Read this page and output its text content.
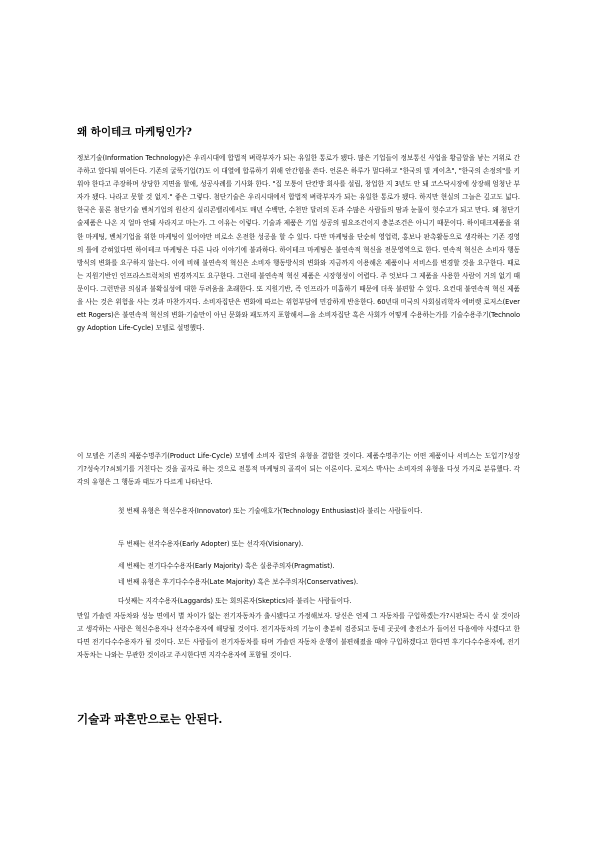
왜 하이테크 마케팅인가?

정보기술(Information Technology)은 우리시대에 합법적 벼락부자가 되는 유일한 통로가 됐다. 많은 기업들이 정보통신 사업을 황금알을 낳는 거위로 간주하고 앞다퉈 뛰어든다. 기존의 굴뚝기업(?)도 이 대열에 합류하기 위해 안간힘을 쓴다. 언론은 하루가 멀다하고 "한국의 빌 게이츠", "한국의 손정의"를 키워야 한다고 주장하며 상당한 지면을 할애, 성공사례를 기사화 한다. "집 모퉁이 단칸방 회사를 설립, 창업한 지 3년도 안 돼 코스닥시장에 상장해 엄청난 부자가 됐다. 나라고 못할 것 없지." 좋은 그렇다. 첨단기술은 우리시대에서 합법적 벼락부자가 되는 유일한 통로가 됐다. 하지만 현실의 그늘은 깊고도 넓다. 한국은 물론 첨단기술 벤처기업의 원산지 실리콘밸리에서도 매년 수백만, 수천만 달러의 돈과 수많은 사람들의 땀과 눈물이 헛수고가 되고 만다. 왜 첨단기술제품은 나온 지 얼마 안돼 사라지고 마는가. 그 이유는 이렇다. 기술과 제품은 기업 성공의 필요조건이지 충분조건은 아니기 때문이다. 하이테크제품을 위한 마케팅, 벤처기업을 위한 마케팅이 있어야만 비로소 온전한 성공을 할 수 있다. 다만 마케팅을 단순히 영업력, 홍보나 판촉활동으로 생각하는 기존 경영의 틀에 갇혀있다면 하이테크 마케팅은 다른 나라 이야기에 불과하다. 하이테크 마케팅은 불연속적 혁신을 전문영역으로 한다. 연속적 혁신은 소비자 행동 방식의 변화를 요구하지 않는다. 이에 비해 불연속적 혁신은 소비자 행동방식의 변화와 지금까지 이용해온 제품이나 서비스를 변경할 것을 요구한다. 때로는 지원기반인 인프라스트럭처의 변경까지도 요구한다. 그런데 불연속적 혁신 제품은 시장형성이 어렵다. 주 엇보다 그 제품을 사용한 사람이 거의 없기 때문이다. 그런만큼 의심과 불확실성에 대한 두려움을 초래한다. 또 지원기반, 즉 인프라가 미흡하기 때문에 더욱 불편할 수 있다. 요컨대 불연속적 혁신 제품을 사는 것은 위험을 사는 것과 마찬가지다. 소비자집단은 변화에 따르는 위험부담에 민감하게 반응한다. 60년대 미국의 사회심리학자 에버렛 로저스(Everett Rogers)은 불연속적 혁신의 변화·기술만이 아닌 문화와 패도까지 포함해서—을 소비자집단 혹은 사회가 어떻게 수용하는가를 기술수용주기(Technology Adoption Life-Cycle) 모델로 설명했다.

이 모델은 기존의 제품수명주기(Product Life-Cycle) 모델에 소비자 집단의 유형을 결합한 것이다. 제품수명주기는 어떤 제품이나 서비스는 도입기?성장기?성숙기?쇠퇴기를 거친다는 것을 골자로 하는 것으로 전통적 마케팅의 골격이 되는 이론이다. 로저스 박사는 소비자의 유형을 다섯 가지로 분류했다. 각각의 유형은 그 행동과 태도가 다르게 나타난다.

첫 번째 유형은 혁신수용자(Innovator) 또는 기술애호가(Technology Enthusiast)라 불리는 사람들이다.

두 번째는 선각수용자(Early Adopter) 또는 선각자(Visionary).

세 번째는 전기다수수용자(Early Majority) 혹은 실용주의자(Pragmatist).

네 번째 유형은 후기다수수용자(Late Majority) 혹은 보수주의자(Conservatives).

다섯째는 지각수용자(Laggards) 또는 회의론자(Skeptics)라 불리는 사람들이다.

만일 가솔린 자동차와 성능 면에서 별 차이가 없는 전기자동차가 출시됐다고 가정해보자. 당신은 언제 그 자동차를 구입하겠는가?시판되는 즉시 살 것이라고 생각하는 사람은 혁신수용자나 선각수용자에 해당될 것이다. 전기자동차의 기능이 충분히 검증되고 동네 곳곳에 충전소가 들어선 다음에야 사겠다고 한다면 전기다수수용자가 될 것이다. 모든 사람들이 전기자동차를 타며 가솔린 자동차 운행이 불편해졌을 때야 구입하겠다고 한다면 후기다수수용자에, 전기자동차는 나와는 무관한 것이라고 주시한다면 지각수용자에 포함될 것이다.

기술과 파흔만으로는 안된다.
